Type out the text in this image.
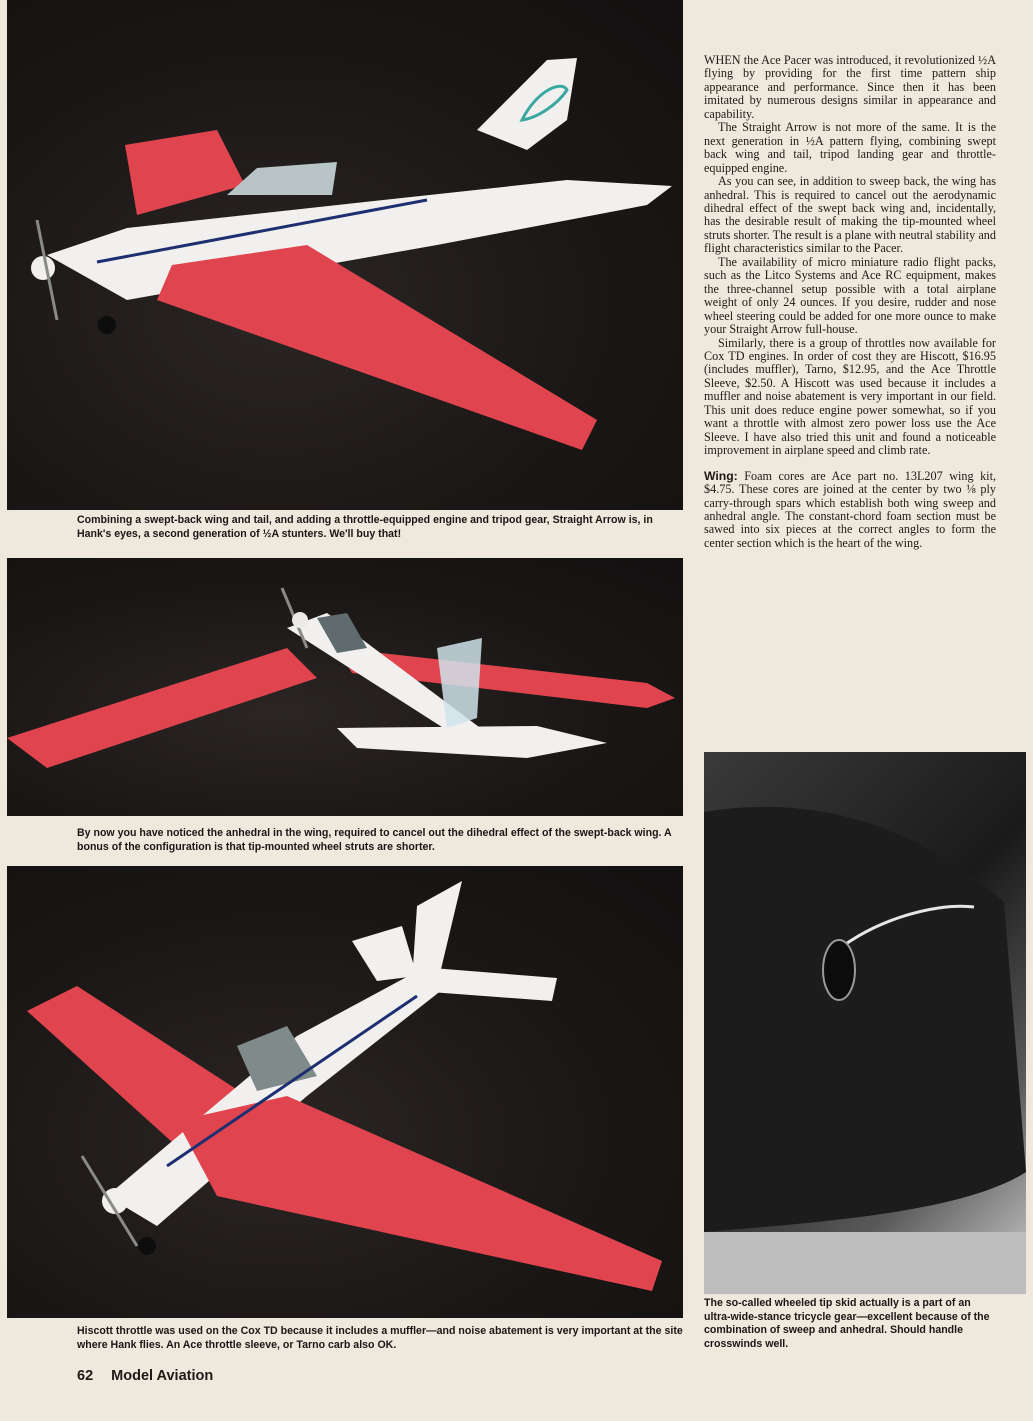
Combining a swept-back wing and tail, and adding a throttle-equipped engine and tripod gear, Straight Arrow is, in Hank's eyes, a second generation of ½A stunters. We'll buy that!
By now you have noticed the anhedral in the wing, required to cancel out the dihedral effect of the swept-back wing. A bonus of the configuration is that tip-mounted wheel struts are shorter.
Hiscott throttle was used on the Cox TD because it includes a muffler—and noise abatement is very important at the site where Hank flies. An Ace throttle sleeve, or Tarno carb also OK.

WHEN the Ace Pacer was introduced, it revolutionized ½A flying by providing for the first time pattern ship appearance and performance. Since then it has been imitated by numerous designs similar in appearance and capability.

The Straight Arrow is not more of the same. It is the next generation in ½A pattern flying, combining swept back wing and tail, tripod landing gear and throttle-equipped engine.

As you can see, in addition to sweep back, the wing has anhedral. This is required to cancel out the aerodynamic dihedral effect of the swept back wing and, incidentally, has the desirable result of making the tip-mounted wheel struts shorter. The result is a plane with neutral stability and flight characteristics similar to the Pacer.

The availability of micro miniature radio flight packs, such as the Litco Systems and Ace RC equipment, makes the three-channel setup possible with a total airplane weight of only 24 ounces. If you desire, rudder and nose wheel steering could be added for one more ounce to make your Straight Arrow full-house.

Similarly, there is a group of throttles now available for Cox TD engines. In order of cost they are Hiscott, $16.95 (includes muffler), Tarno, $12.95, and the Ace Throttle Sleeve, $2.50. A Hiscott was used because it includes a muffler and noise abatement is very important in our field. This unit does reduce engine power somewhat, so if you want a throttle with almost zero power loss use the Ace Sleeve. I have also tried this unit and found a noticeable improvement in airplane speed and climb rate.

Wing: Foam cores are Ace part no. 13L207 wing kit, $4.75. These cores are joined at the center by two ⅛ ply carry-through spars which establish both wing sweep and anhedral angle. The constant-chord foam section must be sawed into six pieces at the correct angles to form the center section which is the heart of the wing.

The so-called wheeled tip skid actually is a part of an ultra-wide-stance tricycle gear—excellent because of the combination of sweep and anhedral. Should handle crosswinds well.
62 Model Aviation
